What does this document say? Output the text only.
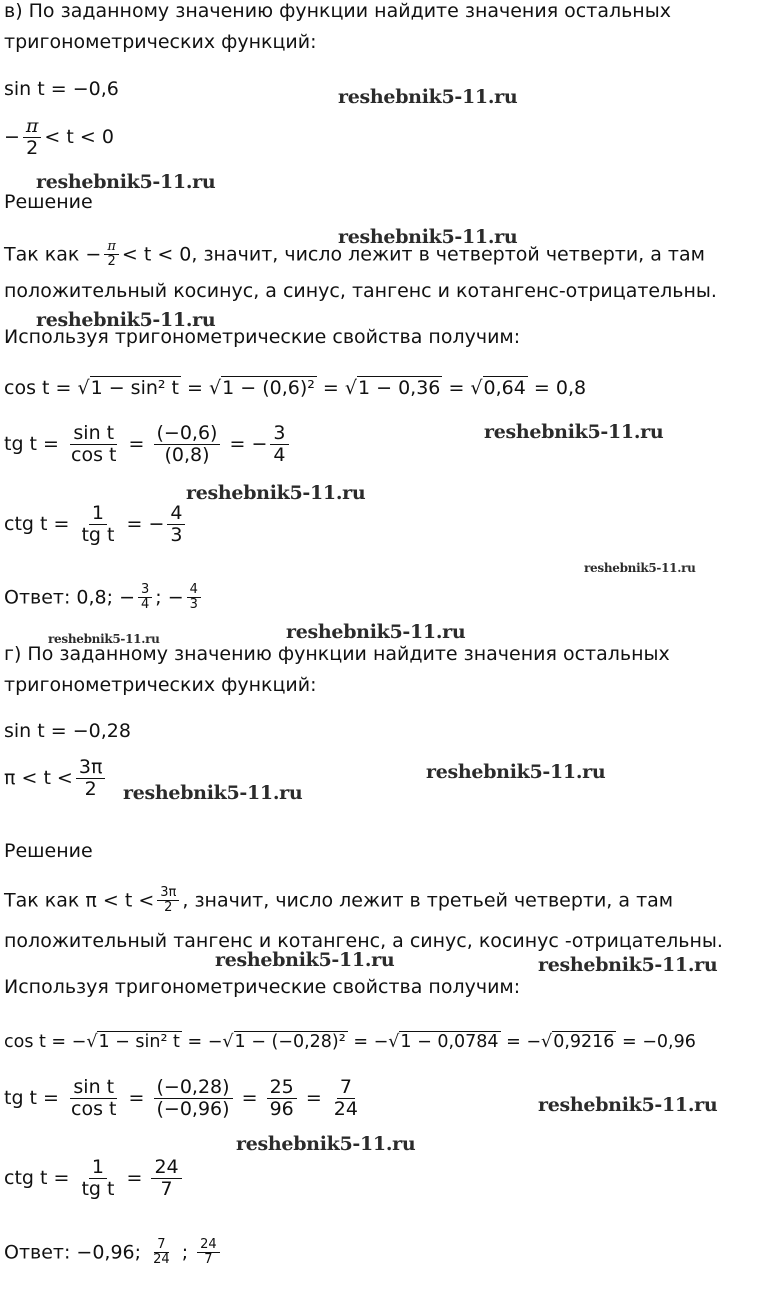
в) По заданному значению функции найдите значения остальных
тригонометрических функций:
sin t = −0,6
− $\frac{\pi}{2} < t < 0$
Решение
Так как − $\frac{\pi}{2} < t < 0$, значит, число лежит в четвертой четверти, а там
положительный косинус, а синус, тангенс и котангенс-отрицательны.
Используя тригонометрические свойства получим:
cos t = √1 − sin² t = √1 − (0,6)² = √1 − 0,36 = √0,64 = 0,8
tg $t = \frac{\text{sin t}}{\text{cos t}} = \frac{(-0,6)}{(0,8)}$ = − $\frac{3}{4}$
ctg $t = \frac{1}{\text{tg t}}$ = − $\frac{4}{3}$
Ответ: 0,8; − $\frac{3}{4}$ ; − $\frac{4}{3}$
г) По заданному значению функции найдите значения остальных
тригонометрических функций:
sin t = −0,28
$\pi < t < \frac{3\pi}{2}$
Решение
Так как $\pi < t < \frac{3\pi}{2}$ , значит, число лежит в третьей четверти, а там
положительный тангенс и котангенс, а синус, косинус -отрицательны.
Используя тригонометрические свойства получим:
cos t = −√1 − sin² t = −√1 − (−0,28)² = −√1 − 0,0784 = −√0,9216 = −0,96
tg $t = \frac{\text{sin t}}{\text{cos t}} = \frac{(-0,28)}{(-0,96)} = \frac{25}{96} = \frac{7}{24}$
ctg $t = \frac{1}{\text{tg t}} = \frac{24}{7}$
Ответ: −0,96; $\frac{7}{24}$ ; $\frac{24}{7}$
reshebnik5-11.ru
reshebnik5-11.ru
reshebnik5-11.ru
reshebnik5-11.ru
reshebnik5-11.ru
reshebnik5-11.ru
reshebnik5-11.ru
reshebnik5-11.ru	reshebnik5-11.ru
reshebnik5-11.ru
reshebnik5-11.ru
reshebnik5-11.ru	reshebnik5-11.ru
reshebnik5-11.ru
reshebnik5-11.ru
